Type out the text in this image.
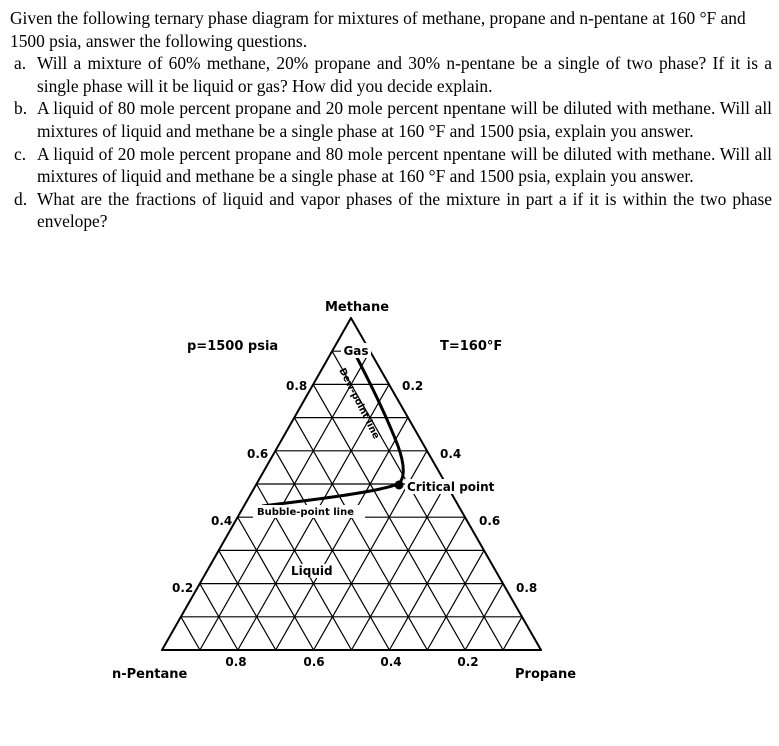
Given the following ternary phase diagram for mixtures of methane, propane and n-pentane at 160 °F and 1500 psia, answer the following questions.

a. Will a mixture of 60% methane, 20% propane and 30% n-pentane be a single of two phase? If it is a single phase will it be liquid or gas? How did you decide explain.
b. A liquid of 80 mole percent propane and 20 mole percent npentane will be diluted with methane. Will all mixtures of liquid and methane be a single phase at 160 °F and 1500 psia, explain you answer.
c. A liquid of 20 mole percent propane and 80 mole percent npentane will be diluted with methane. Will all mixtures of liquid and methane be a single phase at 160 °F and 1500 psia, explain you answer.
d. What are the fractions of liquid and vapor phases of the mixture in part a if it is within the two phase envelope?
Methane
n-Pentane	Propane
p=1500 psia	T=160°F
Gas
Dew-point line
Critical point
Bubble-point line
Liquid
0.8
0.6
0.4
0.2
0.2
0.4
0.6
0.8
0.8	0.6	0.4	0.2
